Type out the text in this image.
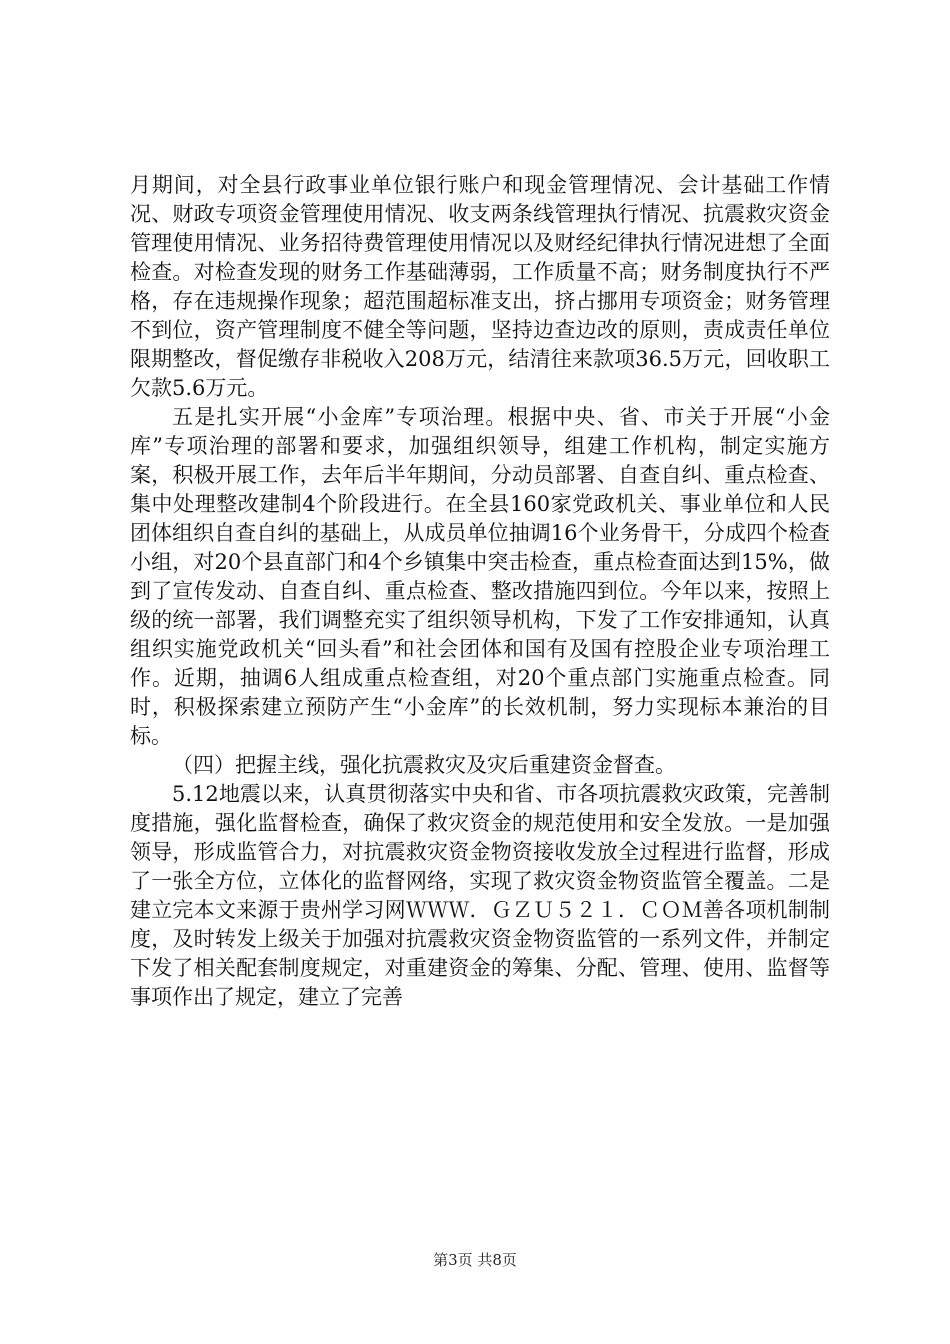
月期间，对全县行政事业单位银行账户和现金管理情况、会计基础工作情况、财政专项资金管理使用情况、收支两条线管理执行情况、抗震救灾资金管理使用情况、业务招待费管理使用情况以及财经纪律执行情况进想了全面检查。对检查发现的财务工作基础薄弱，工作质量不高；财务制度执行不严格，存在违规操作现象；超范围超标准支出，挤占挪用专项资金；财务管理不到位，资产管理制度不健全等问题，坚持边查边改的原则，责成责任单位限期整改，督促缴存非税收入208万元，结清往来款项36.5万元，回收职工欠款5.6万元。

五是扎实开展“小金库”专项治理。根据中央、省、市关于开展“小金库”专项治理的部署和要求，加强组织领导，组建工作机构，制定实施方案，积极开展工作，去年后半年期间，分动员部署、自查自纠、重点检查、集中处理整改建制4个阶段进行。在全县160家党政机关、事业单位和人民团体组织自查自纠的基础上，从成员单位抽调16个业务骨干，分成四个检查小组，对20个县直部门和4个乡镇集中突击检查，重点检查面达到15%，做到了宣传发动、自查自纠、重点检查、整改措施四到位。今年以来，按照上级的统一部署，我们调整充实了组织领导机构，下发了工作安排通知，认真组织实施党政机关“回头看”和社会团体和国有及国有控股企业专项治理工作。近期，抽调6人组成重点检查组，对20个重点部门实施重点检查。同时，积极探索建立预防产生“小金库”的长效机制，努力实现标本兼治的目标。

（四）把握主线，强化抗震救灾及灾后重建资金督查。

5.12地震以来，认真贯彻落实中央和省、市各项抗震救灾政策，完善制度措施，强化监督检查，确保了救灾资金的规范使用和安全发放。一是加强领导，形成监管合力，对抗震救灾资金物资接收发放全过程进行监督，形成了一张全方位，立体化的监督网络，实现了救灾资金物资监管全覆盖。二是建立完本文来源于贵州学习网ＷＷＷ．ＧＺＵ５２１．ＣＯＭ善各项机制制度，及时转发上级关于加强对抗震救灾资金物资监管的一系列文件，并制定下发了相关配套制度规定，对重建资金的筹集、分配、管理、使用、监督等事项作出了规定，建立了完善

第3页 共8页
